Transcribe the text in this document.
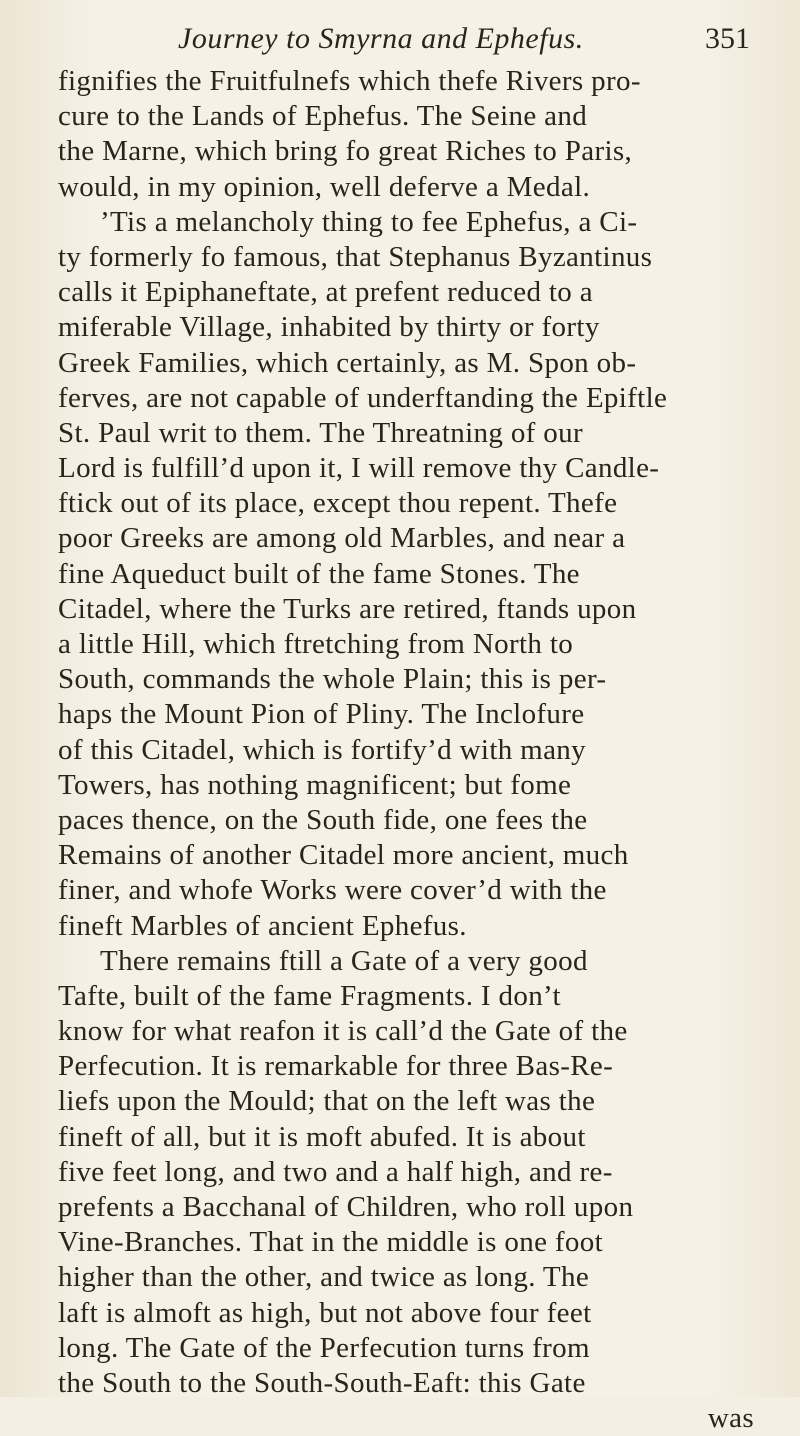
Journey to Smyrna and Ephefus.	351
fignifies the Fruitfulnefs which thefe Rivers pro-
cure to the Lands of Ephefus. The Seine and
the Marne, which bring fo great Riches to Paris,
would, in my opinion, well deferve a Medal.
’Tis a melancholy thing to fee Ephefus, a Ci-
ty formerly fo famous, that Stephanus Byzantinus
calls it Epiphaneftate, at prefent reduced to a
miferable Village, inhabited by thirty or forty
Greek Families, which certainly, as M. Spon ob-
ferves, are not capable of underftanding the Epiftle
St. Paul writ to them. The Threatning of our
Lord is fulfill’d upon it, I will remove thy Candle-
ftick out of its place, except thou repent. Thefe
poor Greeks are among old Marbles, and near a
fine Aqueduct built of the fame Stones. The
Citadel, where the Turks are retired, ftands upon
a little Hill, which ftretching from North to
South, commands the whole Plain; this is per-
haps the Mount Pion of Pliny. The Inclofure
of this Citadel, which is fortify’d with many
Towers, has nothing magnificent; but fome
paces thence, on the South fide, one fees the
Remains of another Citadel more ancient, much
finer, and whofe Works were cover’d with the
fineft Marbles of ancient Ephefus.
There remains ftill a Gate of a very good
Tafte, built of the fame Fragments. I don’t
know for what reafon it is call’d the Gate of the
Perfecution. It is remarkable for three Bas-Re-
liefs upon the Mould; that on the left was the
fineft of all, but it is moft abufed. It is about
five feet long, and two and a half high, and re-
prefents a Bacchanal of Children, who roll upon
Vine-Branches. That in the middle is one foot
higher than the other, and twice as long. The
laft is almoft as high, but not above four feet
long. The Gate of the Perfecution turns from
the South to the South-South-Eaft: this Gate
was
